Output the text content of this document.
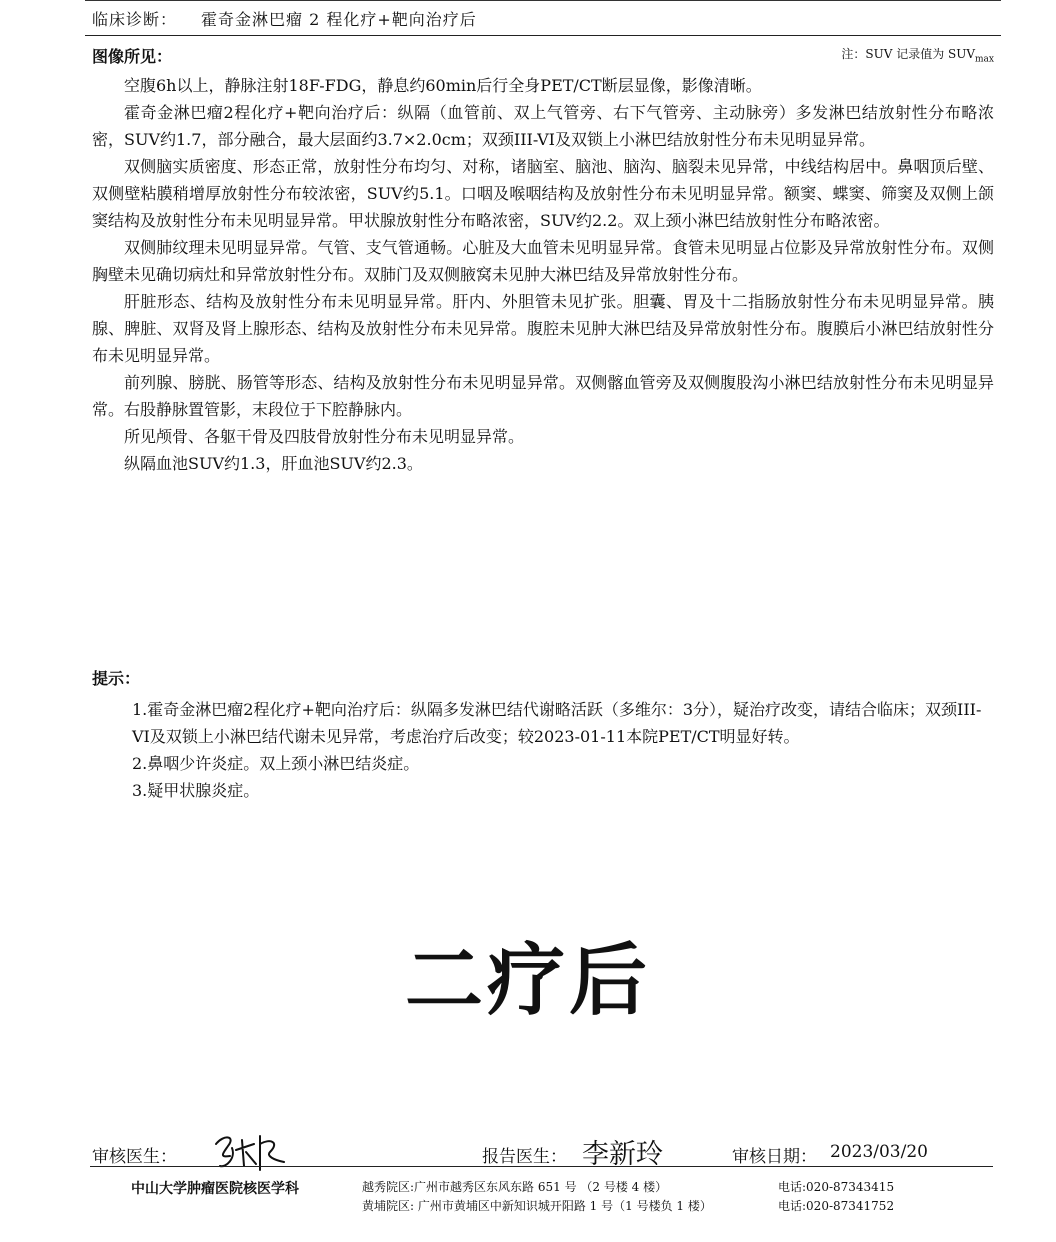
临床诊断： 霍奇金淋巴瘤 2 程化疗+靶向治疗后
图像所见：	注：SUV 记录值为 $SUV_{max}$

空腹6h以上，静脉注射18F-FDG，静息约60min后行全身PET/CT断层显像，影像清晰。

霍奇金淋巴瘤2程化疗+靶向治疗后：纵隔（血管前、双上气管旁、右下气管旁、主动脉旁）多发淋巴结放射性分布略浓密，SUV约1.7，部分融合，最大层面约3.7×2.0cm；双颈III-VI及双锁上小淋巴结放射性分布未见明显异常。

双侧脑实质密度、形态正常，放射性分布均匀、对称，诸脑室、脑池、脑沟、脑裂未见异常，中线结构居中。鼻咽顶后壁、双侧壁粘膜稍增厚放射性分布较浓密，SUV约5.1。口咽及喉咽结构及放射性分布未见明显异常。额窦、蝶窦、筛窦及双侧上颌窦结构及放射性分布未见明显异常。甲状腺放射性分布略浓密，SUV约2.2。双上颈小淋巴结放射性分布略浓密。

双侧肺纹理未见明显异常。气管、支气管通畅。心脏及大血管未见明显异常。食管未见明显占位影及异常放射性分布。双侧胸壁未见确切病灶和异常放射性分布。双肺门及双侧腋窝未见肿大淋巴结及异常放射性分布。

肝脏形态、结构及放射性分布未见明显异常。肝内、外胆管未见扩张。胆囊、胃及十二指肠放射性分布未见明显异常。胰腺、脾脏、双肾及肾上腺形态、结构及放射性分布未见异常。腹腔未见肿大淋巴结及异常放射性分布。腹膜后小淋巴结放射性分布未见明显异常。

前列腺、膀胱、肠管等形态、结构及放射性分布未见明显异常。双侧髂血管旁及双侧腹股沟小淋巴结放射性分布未见明显异常。右股静脉置管影，末段位于下腔静脉内。

所见颅骨、各躯干骨及四肢骨放射性分布未见明显异常。

纵隔血池SUV约1.3，肝血池SUV约2.3。

提示：

1.霍奇金淋巴瘤2程化疗+靶向治疗后：纵隔多发淋巴结代谢略活跃（多维尔：3分），疑治疗改变，请结合临床；双颈III-VI及双锁上小淋巴结代谢未见异常，考虑治疗后改变；较2023-01-11本院PET/CT明显好转。

2.鼻咽少许炎症。双上颈小淋巴结炎症。

3.疑甲状腺炎症。

二疗后
审核医生：	报告医生： 李新玲	审核日期： 2023/03/20
中山大学肿瘤医院核医学科	越秀院区:广州市越秀区东风东路 651 号 （2 号楼 4 楼）
黄埔院区: 广州市黄埔区中新知识城开阳路 1 号（1 号楼负 1 楼）
电话:020-87343415
电话:020-87341752
